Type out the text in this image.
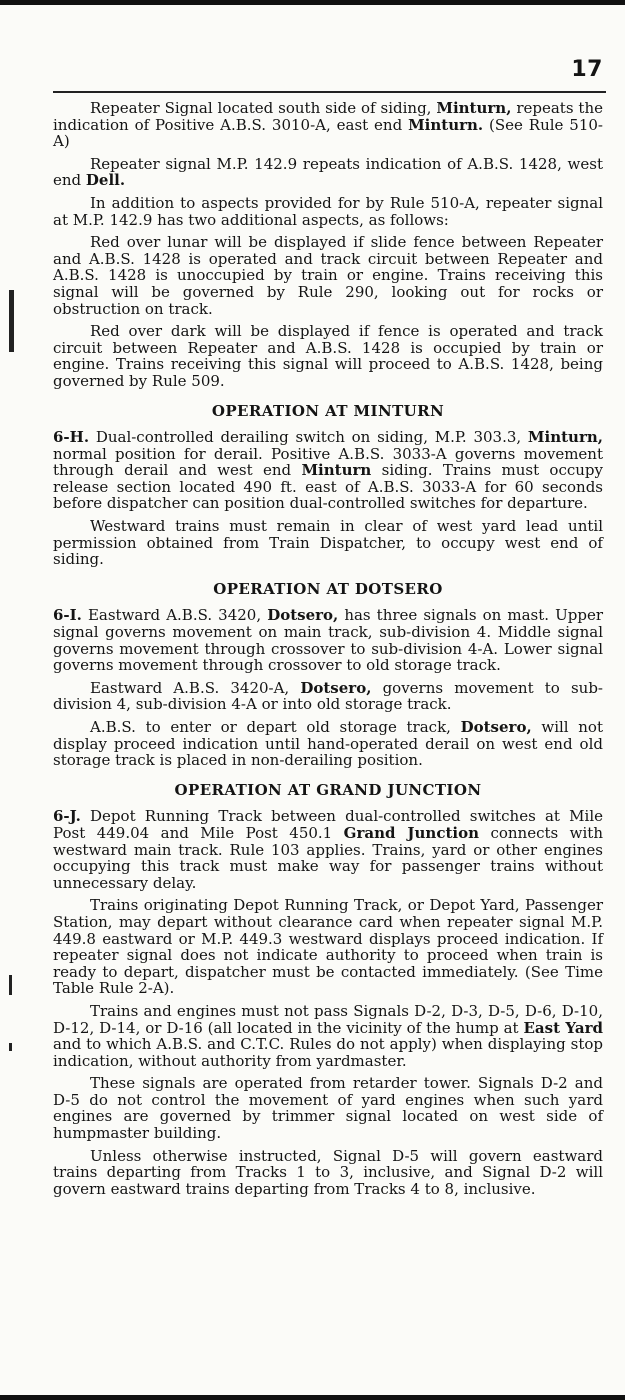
17

Repeater Signal located south side of siding, Minturn, repeats the indication of Positive A.B.S. 3010-A, east end Minturn. (See Rule 510-A)

Repeater signal M.P. 142.9 repeats indication of A.B.S. 1428, west end Dell.

In addition to aspects provided for by Rule 510-A, repeater signal at M.P. 142.9 has two additional aspects, as follows:

Red over lunar will be displayed if slide fence between Repeater and A.B.S. 1428 is operated and track circuit between Repeater and A.B.S. 1428 is unoccupied by train or engine. Trains receiving this signal will be governed by Rule 290, looking out for rocks or obstruction on track.

Red over dark will be displayed if fence is operated and track circuit between Repeater and A.B.S. 1428 is occupied by train or engine. Trains receiving this signal will proceed to A.B.S. 1428, being governed by Rule 509.

OPERATION AT MINTURN

6-H. Dual-controlled derailing switch on siding, M.P. 303.3, Minturn, normal position for derail. Positive A.B.S. 3033-A governs movement through derail and west end Minturn siding. Trains must occupy release section located 490 ft. east of A.B.S. 3033-A for 60 seconds before dispatcher can position dual-controlled switches for departure.

Westward trains must remain in clear of west yard lead until permission obtained from Train Dispatcher, to occupy west end of siding.

OPERATION AT DOTSERO

6-I. Eastward A.B.S. 3420, Dotsero, has three signals on mast. Upper signal governs movement on main track, sub-division 4. Middle signal governs movement through crossover to sub-division 4-A. Lower signal governs movement through crossover to old storage track.

Eastward A.B.S. 3420-A, Dotsero, governs movement to sub-division 4, sub-division 4-A or into old storage track.

A.B.S. to enter or depart old storage track, Dotsero, will not display proceed indication until hand-operated derail on west end old storage track is placed in non-derailing position.

OPERATION AT GRAND JUNCTION

6-J. Depot Running Track between dual-controlled switches at Mile Post 449.04 and Mile Post 450.1 Grand Junction connects with westward main track. Rule 103 applies. Trains, yard or other engines occupying this track must make way for passenger trains without unnecessary delay.

Trains originating Depot Running Track, or Depot Yard, Passenger Station, may depart without clearance card when repeater signal M.P. 449.8 eastward or M.P. 449.3 westward displays proceed indication. If repeater signal does not indicate authority to proceed when train is ready to depart, dispatcher must be contacted immediately. (See Time Table Rule 2-A).

Trains and engines must not pass Signals D-2, D-3, D-5, D-6, D-10, D-12, D-14, or D-16 (all located in the vicinity of the hump at East Yard and to which A.B.S. and C.T.C. Rules do not apply) when displaying stop indication, without authority from yardmaster.

These signals are operated from retarder tower. Signals D-2 and D-5 do not control the movement of yard engines when such yard engines are governed by trimmer signal located on west side of humpmaster building.

Unless otherwise instructed, Signal D-5 will govern eastward trains departing from Tracks 1 to 3, inclusive, and Signal D-2 will govern eastward trains departing from Tracks 4 to 8, inclusive.
